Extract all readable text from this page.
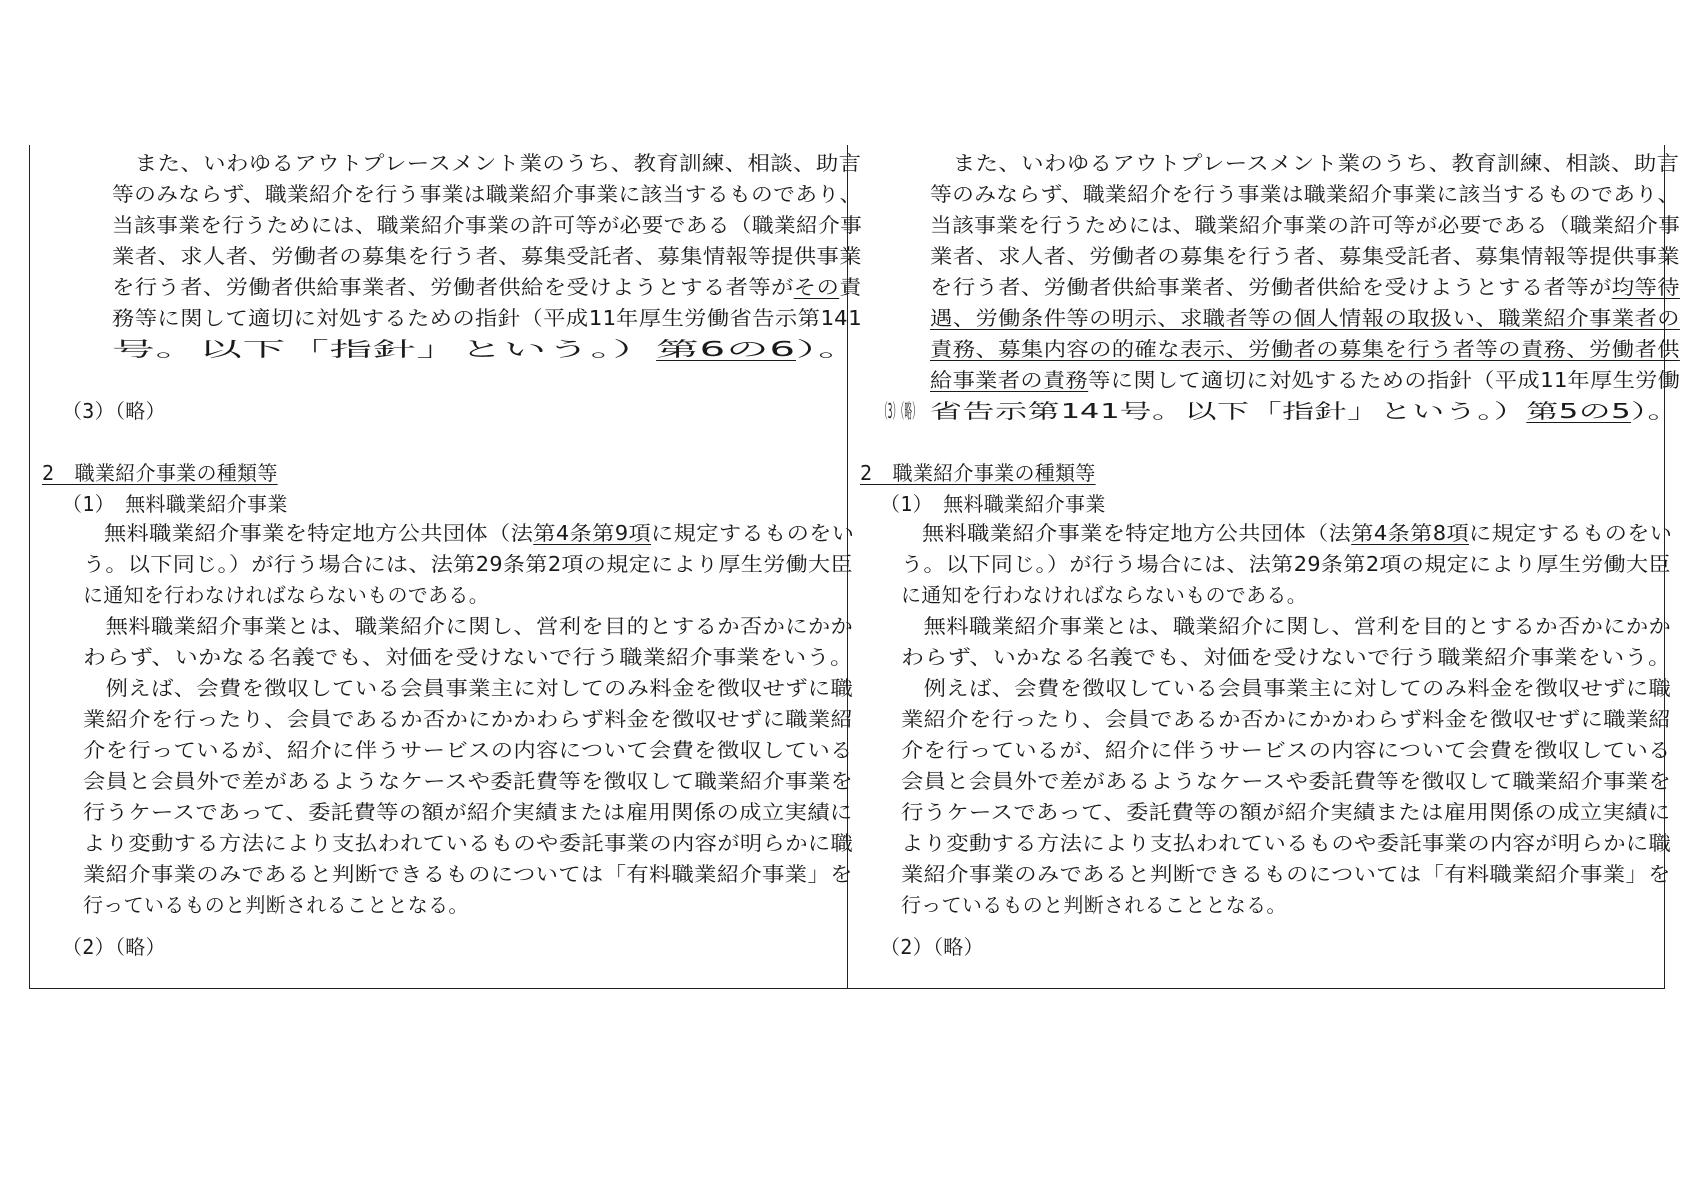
　また、いわゆるアウトプレースメント業のうち、教育訓練、相談、助言
等のみならず、職業紹介を行う事業は職業紹介事業に該当するものであり、
当該事業を行うためには、職業紹介事業の許可等が必要である（職業紹介事
業者、求人者、労働者の募集を行う者、募集受託者、募集情報等提供事業
を行う者、労働者供給事業者、労働者供給を受けようとする者等がその責
務等に関して適切に対処するための指針（平成11年厚生労働省告示第141
号。以下「指針」という。）第6の6）。
（3）（略）
2　職業紹介事業の種類等
（1）　無料職業紹介事業
無料職業紹介事業を特定地方公共団体（法第4条第9項に規定するものをい
う。以下同じ。）が行う場合には、法第29条第2項の規定により厚生労働大臣
に通知を行わなければならないものである。
　無料職業紹介事業とは、職業紹介に関し、営利を目的とするか否かにかか
わらず、いかなる名義でも、対価を受けないで行う職業紹介事業をいう。
　例えば、会費を徴収している会員事業主に対してのみ料金を徴収せずに職
業紹介を行ったり、会員であるか否かにかかわらず料金を徴収せずに職業紹
介を行っているが、紹介に伴うサービスの内容について会費を徴収している
会員と会員外で差があるようなケースや委託費等を徴収して職業紹介事業を
行うケースであって、委託費等の額が紹介実績または雇用関係の成立実績に
より変動する方法により支払われているものや委託事業の内容が明らかに職
業紹介事業のみであると判断できるものについては「有料職業紹介事業」を
行っているものと判断されることとなる。
（2）（略）
　また、いわゆるアウトプレースメント業のうち、教育訓練、相談、助言
等のみならず、職業紹介を行う事業は職業紹介事業に該当するものであり、
当該事業を行うためには、職業紹介事業の許可等が必要である（職業紹介事
業者、求人者、労働者の募集を行う者、募集受託者、募集情報等提供事業
を行う者、労働者供給事業者、労働者供給を受けようとする者等が均等待
遇、労働条件等の明示、求職者等の個人情報の取扱い、職業紹介事業者の
責務、募集内容の的確な表示、労働者の募集を行う者等の責務、労働者供
給事業者の責務等に関して適切に対処するための指針（平成11年厚生労働
省告示第141号。以下「指針」という。）第5の5）。
（3）（略）
2　職業紹介事業の種類等
（1）　無料職業紹介事業
無料職業紹介事業を特定地方公共団体（法第4条第8項に規定するものをい
う。以下同じ。）が行う場合には、法第29条第2項の規定により厚生労働大臣
に通知を行わなければならないものである。
　無料職業紹介事業とは、職業紹介に関し、営利を目的とするか否かにかか
わらず、いかなる名義でも、対価を受けないで行う職業紹介事業をいう。
　例えば、会費を徴収している会員事業主に対してのみ料金を徴収せずに職
業紹介を行ったり、会員であるか否かにかかわらず料金を徴収せずに職業紹
介を行っているが、紹介に伴うサービスの内容について会費を徴収している
会員と会員外で差があるようなケースや委託費等を徴収して職業紹介事業を
行うケースであって、委託費等の額が紹介実績または雇用関係の成立実績に
より変動する方法により支払われているものや委託事業の内容が明らかに職
業紹介事業のみであると判断できるものについては「有料職業紹介事業」を
行っているものと判断されることとなる。
（2）（略）
